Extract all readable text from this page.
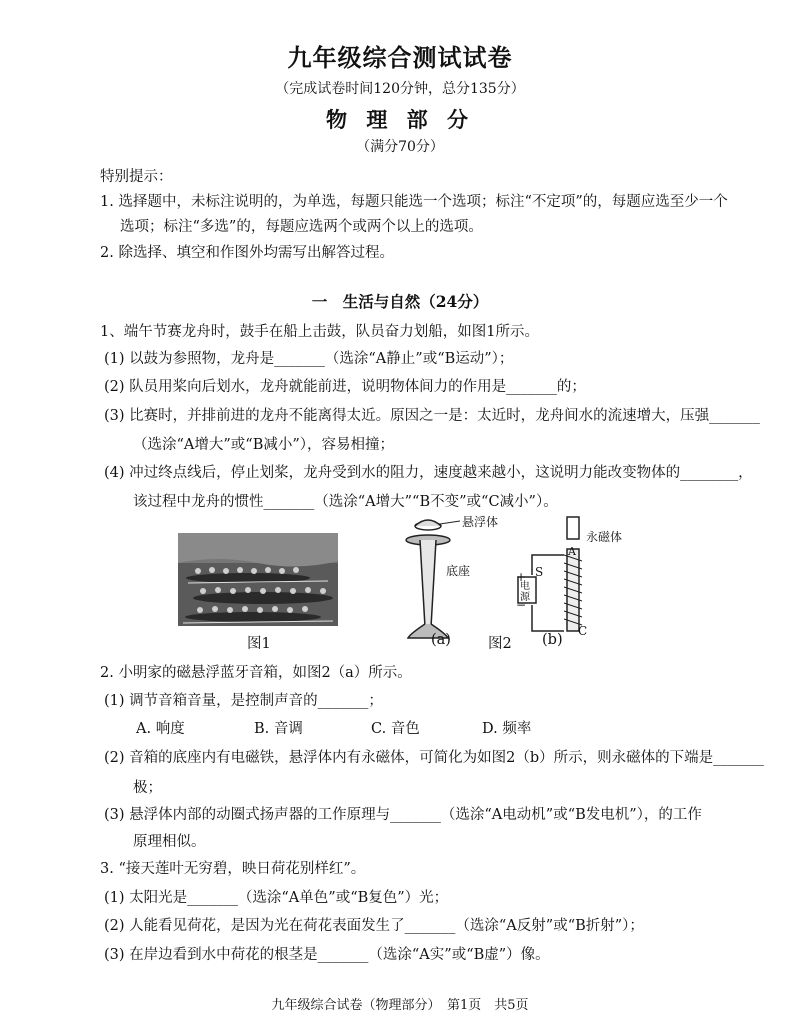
九年级综合测试试卷
（完成试卷时间120分钟，总分135分）
物 理 部 分
（满分70分）
特别提示：
1. 选择题中，未标注说明的，为单选，每题只能选一个选项；标注“不定项”的，每题应选至少一个
选项；标注“多选”的，每题应选两个或两个以上的选项。
2. 除选择、填空和作图外均需写出解答过程。
一　生活与自然（24分）
1、端午节赛龙舟时，鼓手在船上击鼓，队员奋力划船，如图1所示。
(1) 以鼓为参照物，龙舟是_______（选涂“A静止”或“B运动”）；
(2) 队员用桨向后划水，龙舟就能前进，说明物体间力的作用是_______的；
(3) 比赛时，并排前进的龙舟不能离得太近。原因之一是：太近时，龙舟间水的流速增大，压强_______
（选涂“A增大”或“B减小”），容易相撞；
(4) 冲过终点线后，停止划桨，龙舟受到水的阻力，速度越来越小，这说明力能改变物体的________，
该过程中龙舟的惯性_______（选涂“A增大”“B不变”或“C减小”）。
图1
悬浮体
底座
(a)	图2
永磁体
A
S
+
−
电源
C
(b)
2. 小明家的磁悬浮蓝牙音箱，如图2（a）所示。
(1) 调节音箱音量，是控制声音的_______；
A. 响度	B. 音调	C. 音色	D. 频率
(2) 音箱的底座内有电磁铁，悬浮体内有永磁体，可简化为如图2（b）所示，则永磁体的下端是_______
极；
(3) 悬浮体内部的动圈式扬声器的工作原理与_______（选涂“A电动机”或“B发电机”），的工作
原理相似。
3. “接天莲叶无穷碧，映日荷花别样红”。
(1) 太阳光是_______（选涂“A单色”或“B复色”）光；
(2) 人能看见荷花，是因为光在荷花表面发生了_______（选涂“A反射”或“B折射”）；
(3) 在岸边看到水中荷花的根茎是_______（选涂“A实”或“B虚”）像。
九年级综合试卷（物理部分）　第1页　共5页
